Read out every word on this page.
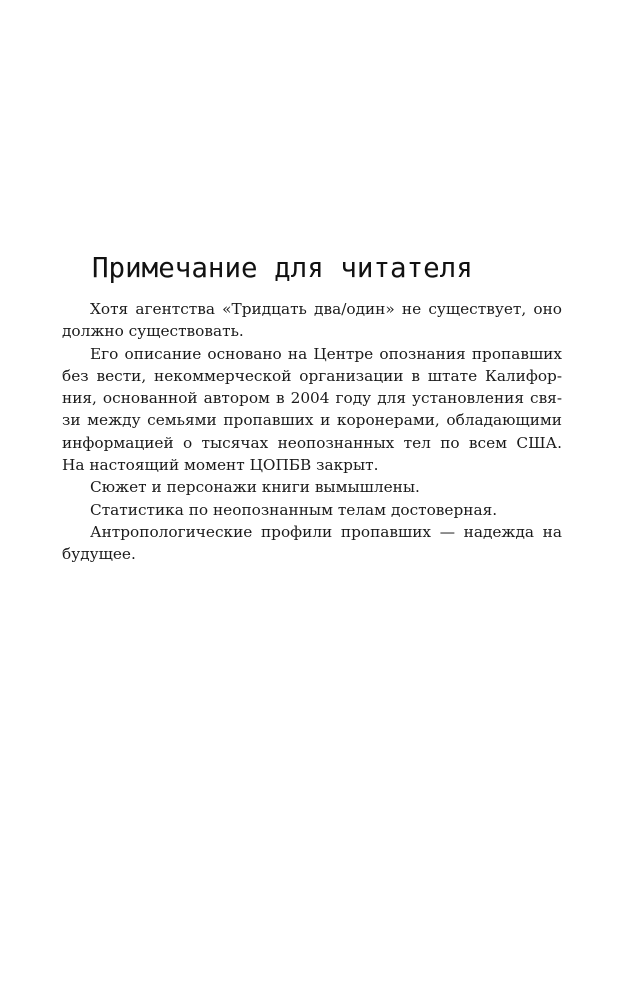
Примечание для читателя
Хотя агентства «Тридцать два/один» не существует, оно
должно существовать.
Его описание основано на Центре опознания пропавших
без вести, некоммерческой организации в штате Калифор-
ния, основанной автором в 2004 году для установления свя-
зи между семьями пропавших и коронерами, обладающими
информацией о тысячах неопознанных тел по всем США.
На настоящий момент ЦОПБВ закрыт.
Сюжет и персонажи книги вымышлены.
Статистика по неопознанным телам достоверная.
Антропологические профили пропавших — надежда на
будущее.
